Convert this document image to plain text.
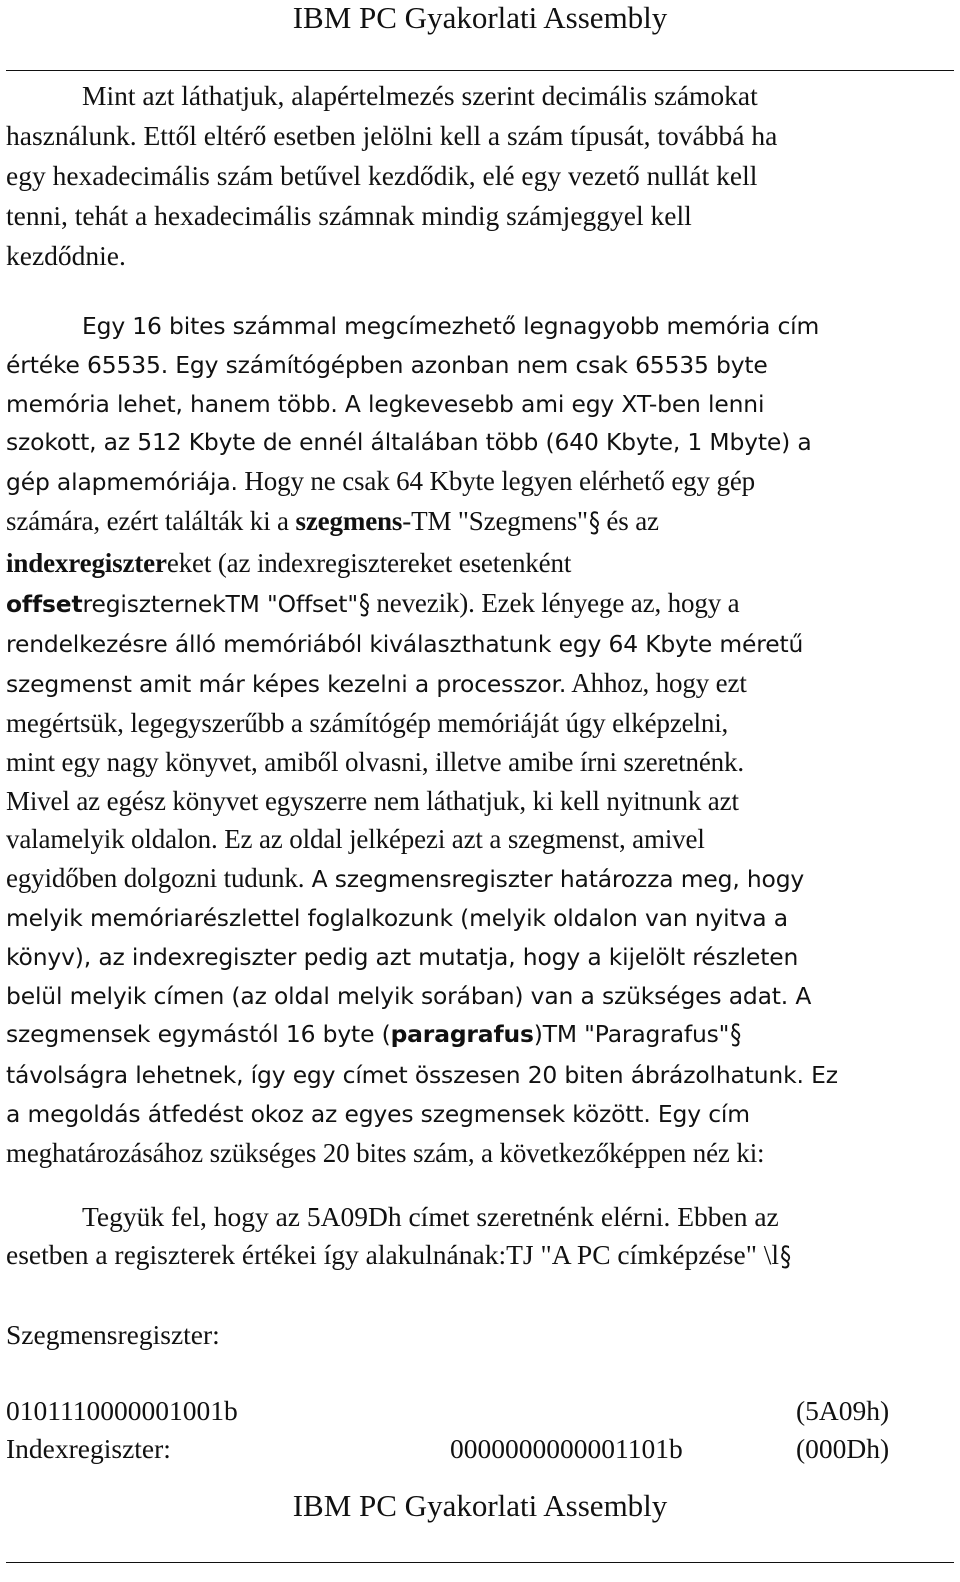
IBM PC Gyakorlati Assembly
Mint azt láthatjuk, alapértelmezés szerint decimális számokat
használunk. Ettől eltérő esetben jelölni kell a szám típusát, továbbá ha
egy hexadecimális szám betűvel kezdődik, elé egy vezető nullát kell
tenni, tehát a hexadecimális számnak mindig számjeggyel kell
kezdődnie.
Egy 16 bites számmal megcímezhető legnagyobb memória cím
értéke 65535. Egy számítógépben azonban nem csak 65535 byte
memória lehet, hanem több. A legkevesebb ami egy XT-ben lenni
szokott, az 512 Kbyte de ennél általában több (640 Kbyte, 1 Mbyte) a
gép alapmemóriája. Hogy ne csak 64 Kbyte legyen elérhető egy gép
számára, ezért találták ki a szegmens-TM "Szegmens"§ és az
indexregisztereket (az indexregisztereket esetenként
offsetregiszternekTM "Offset"§ nevezik). Ezek lényege az, hogy a
rendelkezésre álló memóriából kiválaszthatunk egy 64 Kbyte méretű
szegmenst amit már képes kezelni a processzor. Ahhoz, hogy ezt
megértsük, legegyszerűbb a számítógép memóriáját úgy elképzelni,
mint egy nagy könyvet, amiből olvasni, illetve amibe írni szeretnénk.
Mivel az egész könyvet egyszerre nem láthatjuk, ki kell nyitnunk azt
valamelyik oldalon. Ez az oldal jelképezi azt a szegmenst, amivel
egyidőben dolgozni tudunk. A szegmensregiszter határozza meg, hogy
melyik memóriarészlettel foglalkozunk (melyik oldalon van nyitva a
könyv), az indexregiszter pedig azt mutatja, hogy a kijelölt részleten
belül melyik címen (az oldal melyik sorában) van a szükséges adat. A
szegmensek egymástól 16 byte (paragrafus)TM "Paragrafus"§
távolságra lehetnek, így egy címet összesen 20 biten ábrázolhatunk. Ez
a megoldás átfedést okoz az egyes szegmensek között. Egy cím
meghatározásához szükséges 20 bites szám, a következőképpen néz ki:
Tegyük fel, hogy az 5A09Dh címet szeretnénk elérni. Ebben az
esetben a regiszterek értékei így alakulnának:TJ "A PC címképzése" \l§
Szegmensregiszter:
0101110000001001b	(5A09h)
Indexregiszter:	0000000000001101b	(000Dh)
IBM PC Gyakorlati Assembly
